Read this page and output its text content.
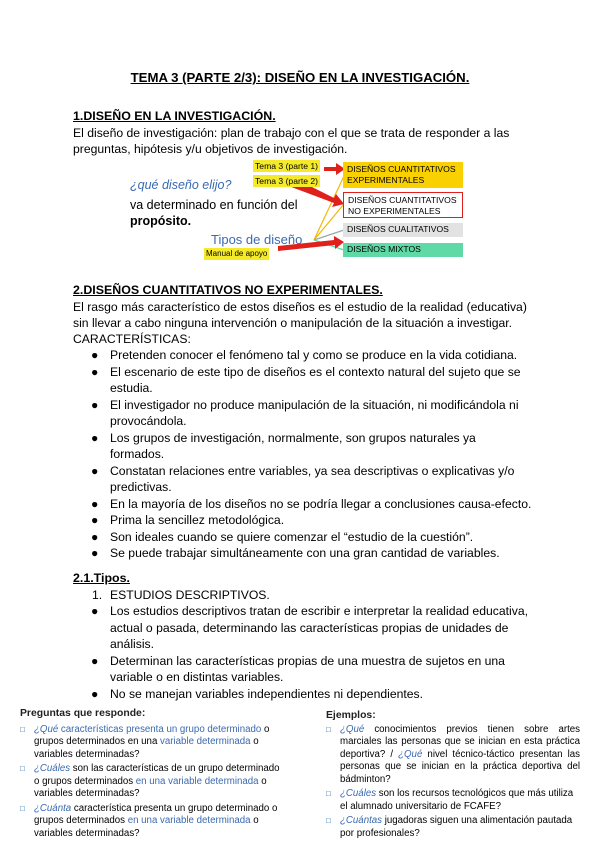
TEMA 3 (PARTE 2/3): DISEÑO EN LA INVESTIGACIÓN.
1.DISEÑO EN LA INVESTIGACIÓN.
El diseño de investigación: plan de trabajo con el que se trata de responder a las
preguntas, hipótesis y/u objetivos de investigación.
Tema 3 (parte 1)
Tema 3 (parte 2)
Manual de apoyo
¿qué diseño elijo?
va determinado en función del
propósito.
Tipos de diseño
DISEÑOS CUANTITATIVOS
EXPERIMENTALES
DISEÑOS CUANTITATIVOS
NO EXPERIMENTALES
DISEÑOS CUALITATIVOS
DISEÑOS MIXTOS
2.DISEÑOS CUANTITATIVOS NO EXPERIMENTALES.
El rasgo más característico de estos diseños es el estudio de la realidad (educativa)
sin llevar a cabo ninguna intervención o manipulación de la situación a investigar.
CARACTERÍSTICAS:
● Pretenden conocer el fenómeno tal y como se produce en la vida cotidiana.
● El escenario de este tipo de diseños es el contexto natural del sujeto que se
estudia.
● El investigador no produce manipulación de la situación, ni modificándola ni
provocándola.
● Los grupos de investigación, normalmente, son grupos naturales ya
formados.
● Constatan relaciones entre variables, ya sea descriptivas o explicativas y/o
predictivas.
● En la mayoría de los diseños no se podría llegar a conclusiones causa-efecto.
● Prima la sencillez metodológica.
● Son ideales cuando se quiere comenzar el “estudio de la cuestión”.
● Se puede trabajar simultáneamente con una gran cantidad de variables.
2.1.Tipos.
1. ESTUDIOS DESCRIPTIVOS.
● Los estudios descriptivos tratan de escribir e interpretar la realidad educativa,
actual o pasada, determinando las características propias de unidades de
análisis.
● Determinan las características propias de una muestra de sujetos en una
variable o en distintas variables.
● No se manejan variables independientes ni dependientes.
Preguntas que responde:
□ ¿Qué características presenta un grupo determinado o grupos determinados en una variable determinada o variables determinadas?
□ ¿Cuáles son las características de un grupo determinado o grupos determinados en una variable determinada o variables determinadas?
□ ¿Cuánta característica presenta un grupo determinado o grupos determinados en una variable determinada o variables determinadas?
Ejemplos:
□ ¿Qué conocimientos previos tienen sobre artes marciales las personas que se inician en esta práctica deportiva? / ¿Qué nivel técnico-táctico presentan las personas que se inician en la práctica deportiva del bádminton?
□ ¿Cuáles son los recursos tecnológicos que más utiliza el alumnado universitario de FCAFE?
□ ¿Cuántas jugadoras siguen una alimentación pautada por profesionales?
